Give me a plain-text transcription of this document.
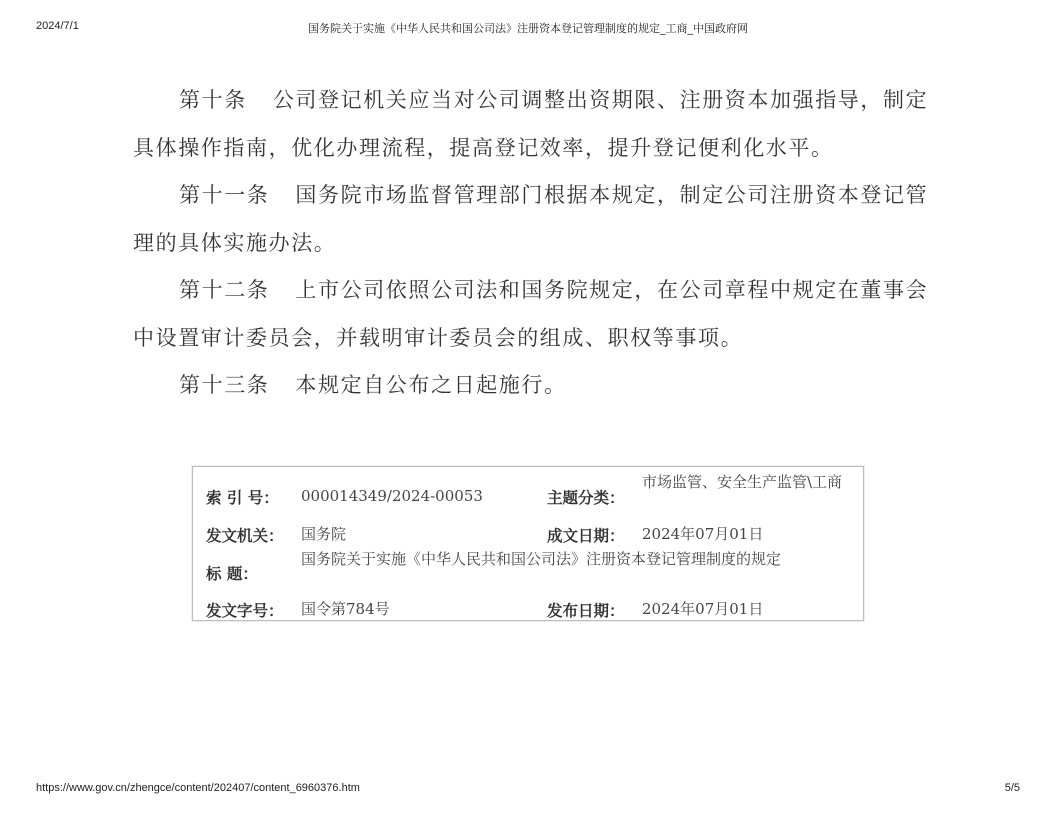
2024/7/1	国务院关于实施《中华人民共和国公司法》注册资本登记管理制度的规定_工商_中国政府网

第十条 公司登记机关应当对公司调整出资期限、注册资本加强指导，制定具体操作指南，优化办理流程，提高登记效率，提升登记便利化水平。

第十一条 国务院市场监督管理部门根据本规定，制定公司注册资本登记管理的具体实施办法。

第十二条 上市公司依照公司法和国务院规定，在公司章程中规定在董事会中设置审计委员会，并载明审计委员会的组成、职权等事项。

第十三条 本规定自公布之日起施行。

索 引 号： 000014349/2024-00053	主题分类：
市场监管、安全生产监管\工商
发文机关： 国务院	成文日期： 2024年07月01日
标 题：
国务院关于实施《中华人民共和国公司法》注册资本登记管理制度的规定
发文字号： 国令第784号	发布日期： 2024年07月01日
https://www.gov.cn/zhengce/content/202407/content_6960376.htm	5/5
